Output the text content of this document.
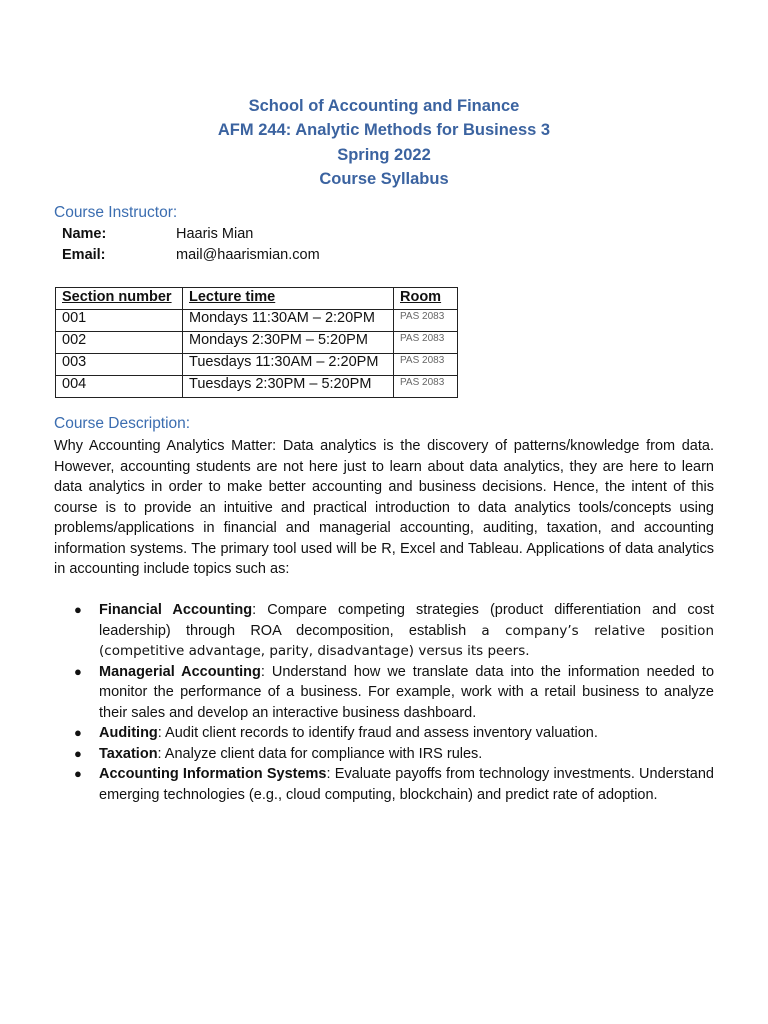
School of Accounting and Finance
AFM 244: Analytic Methods for Business 3
Spring 2022
Course Syllabus
Course Instructor:
Name:	Haaris Mian
Email:	mail@haarismian.com
Section number	Lecture time	Room
001	Mondays 11:30AM – 2:20PM	PAS 2083
002	Mondays 2:30PM – 5:20PM	PAS 2083
003	Tuesdays 11:30AM – 2:20PM	PAS 2083
004	Tuesdays 2:30PM – 5:20PM	PAS 2083
Course Description:

Why Accounting Analytics Matter: Data analytics is the discovery of patterns/knowledge from data. However, accounting students are not here just to learn about data analytics, they are here to learn data analytics in order to make better accounting and business decisions. Hence, the intent of this course is to provide an intuitive and practical introduction to data analytics tools/concepts using problems/applications in financial and managerial accounting, auditing, taxation, and accounting information systems. The primary tool used will be R, Excel and Tableau. Applications of data analytics in accounting include topics such as:

● Financial Accounting: Compare competing strategies (product differentiation and cost leadership) through ROA decomposition, establish a company’s relative position (competitive advantage, parity, disadvantage) versus its peers.
● Managerial Accounting: Understand how we translate data into the information needed to monitor the performance of a business. For example, work with a retail business to analyze their sales and develop an interactive business dashboard.
● Auditing: Audit client records to identify fraud and assess inventory valuation.
● Taxation: Analyze client data for compliance with IRS rules.
● Accounting Information Systems: Evaluate payoffs from technology investments. Understand emerging technologies (e.g., cloud computing, blockchain) and predict rate of adoption.
